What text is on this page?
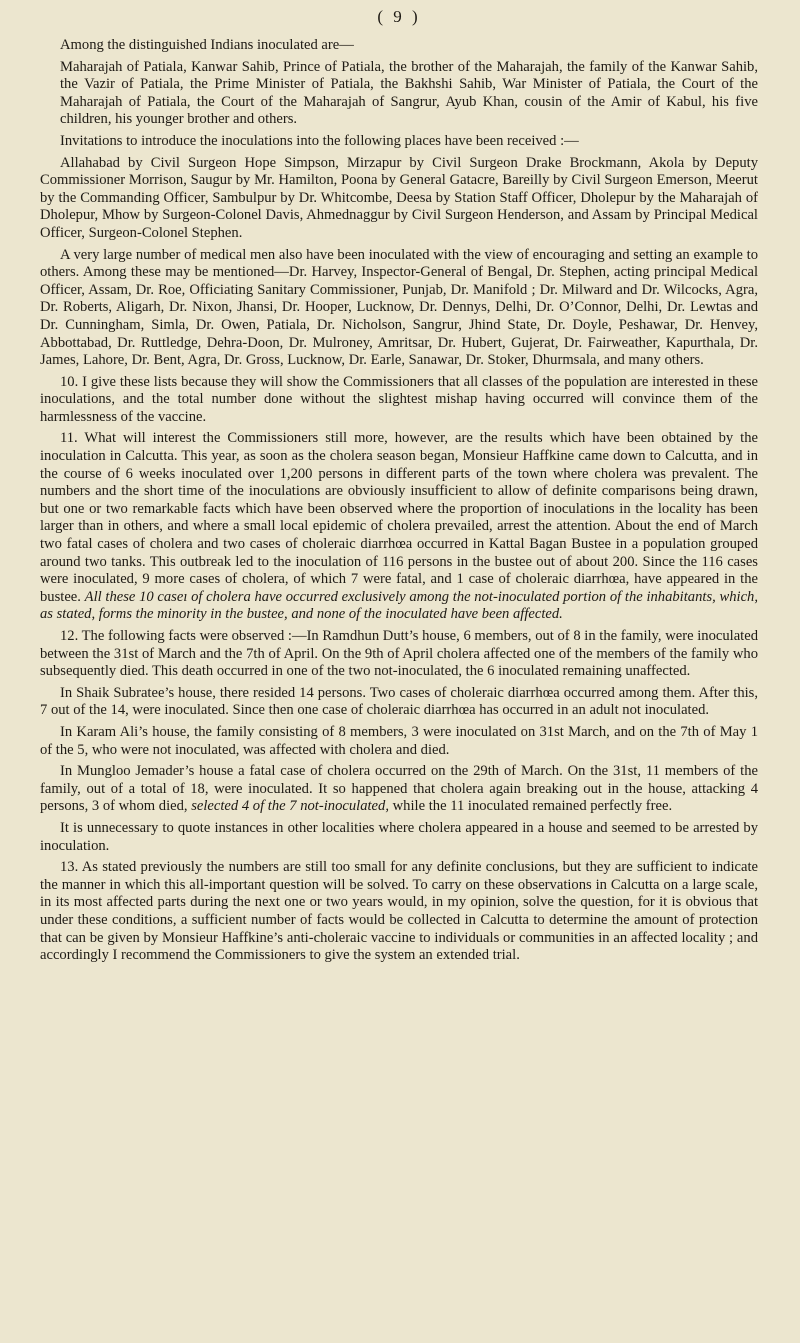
( 9 )

Among the distinguished Indians inoculated are—

Maharajah of Patiala, Kanwar Sahib, Prince of Patiala, the brother of the Maharajah, the family of the Kanwar Sahib, the Vazir of Patiala, the Prime Minister of Patiala, the Bakhshi Sahib, War Minister of Patiala, the Court of the Maharajah of Patiala, the Court of the Maharajah of Sangrur, Ayub Khan, cousin of the Amir of Kabul, his five children, his younger brother and others.

Invitations to introduce the inoculations into the following places have been received :—

Allahabad by Civil Surgeon Hope Simpson, Mirzapur by Civil Surgeon Drake Brockmann, Akola by Deputy Commissioner Morrison, Saugur by Mr. Hamilton, Poona by General Gatacre, Bareilly by Civil Surgeon Emerson, Meerut by the Commanding Officer, Sambulpur by Dr. Whitcombe, Deesa by Station Staff Officer, Dholepur by the Maharajah of Dholepur, Mhow by Surgeon-Colonel Davis, Ahmednaggur by Civil Surgeon Henderson, and Assam by Principal Medical Officer, Surgeon-Colonel Stephen.

A very large number of medical men also have been inoculated with the view of encouraging and setting an example to others. Among these may be mentioned—Dr. Harvey, Inspector-General of Bengal, Dr. Stephen, acting principal Medical Officer, Assam, Dr. Roe, Officiating Sanitary Commissioner, Punjab, Dr. Manifold ; Dr. Milward and Dr. Wilcocks, Agra, Dr. Roberts, Aligarh, Dr. Nixon, Jhansi, Dr. Hooper, Lucknow, Dr. Dennys, Delhi, Dr. O’Connor, Delhi, Dr. Lewtas and Dr. Cunningham, Simla, Dr. Owen, Patiala, Dr. Nicholson, Sangrur, Jhind State, Dr. Doyle, Peshawar, Dr. Henvey, Abbottabad, Dr. Ruttledge, Dehra-Doon, Dr. Mulroney, Amritsar, Dr. Hubert, Gujerat, Dr. Fairweather, Kapurthala, Dr. James, Lahore, Dr. Bent, Agra, Dr. Gross, Lucknow, Dr. Earle, Sanawar, Dr. Stoker, Dhurmsala, and many others.

10. I give these lists because they will show the Commissioners that all classes of the population are interested in these inoculations, and the total number done without the slightest mishap having occurred will convince them of the harmlessness of the vaccine.

11. What will interest the Commissioners still more, however, are the results which have been obtained by the inoculation in Calcutta. This year, as soon as the cholera season began, Monsieur Haffkine came down to Calcutta, and in the course of 6 weeks inoculated over 1,200 persons in different parts of the town where cholera was prevalent. The numbers and the short time of the inoculations are obviously insufficient to allow of definite comparisons being drawn, but one or two remarkable facts which have been observed where the proportion of inoculations in the locality has been larger than in others, and where a small local epidemic of cholera prevailed, arrest the attention. About the end of March two fatal cases of cholera and two cases of choleraic diarrhœa occurred in Kattal Bagan Bustee in a population grouped around two tanks. This outbreak led to the inoculation of 116 persons in the bustee out of about 200. Since the 116 cases were inoculated, 9 more cases of cholera, of which 7 were fatal, and 1 case of choleraic diarrhœa, have appeared in the bustee. All these 10 caseı of cholera have occurred exclusively among the not-inoculated portion of the inhabitants, which, as stated, forms the minority in the bustee, and none of the inoculated have been affected.

12. The following facts were observed :—In Ramdhun Dutt’s house, 6 members, out of 8 in the family, were inoculated between the 31st of March and the 7th of April. On the 9th of April cholera affected one of the members of the family who subsequently died. This death occurred in one of the two not-inoculated, the 6 inoculated remaining unaffected.

In Shaik Subratee’s house, there resided 14 persons. Two cases of choleraic diarrhœa occurred among them. After this, 7 out of the 14, were inoculated. Since then one case of choleraic diarrhœa has occurred in an adult not inoculated.

In Karam Ali’s house, the family consisting of 8 members, 3 were inoculated on 31st March, and on the 7th of May 1 of the 5, who were not inoculated, was affected with cholera and died.

In Mungloo Jemader’s house a fatal case of cholera occurred on the 29th of March. On the 31st, 11 members of the family, out of a total of 18, were inoculated. It so happened that cholera again breaking out in the house, attacking 4 persons, 3 of whom died, selected 4 of the 7 not-inoculated, while the 11 inoculated remained perfectly free.

It is unnecessary to quote instances in other localities where cholera appeared in a house and seemed to be arrested by inoculation.

13. As stated previously the numbers are still too small for any definite conclusions, but they are sufficient to indicate the manner in which this all-important question will be solved. To carry on these observations in Calcutta on a large scale, in its most affected parts during the next one or two years would, in my opinion, solve the question, for it is obvious that under these conditions, a sufficient number of facts would be collected in Calcutta to determine the amount of protection that can be given by Monsieur Haffkine’s anti-choleraic vaccine to individuals or communities in an affected locality ; and accordingly I recommend the Commissioners to give the system an extended trial.
